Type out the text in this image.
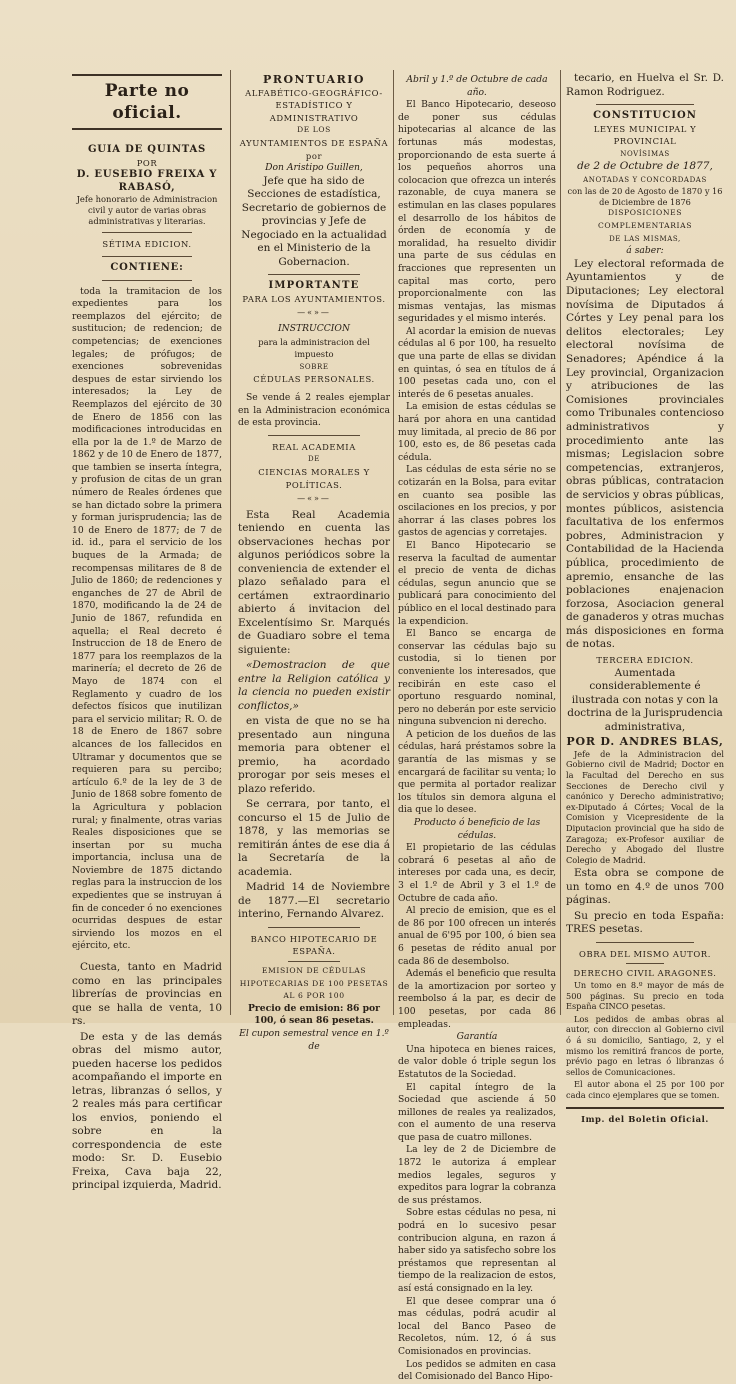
Parte no oficial.
GUIA DE QUINTAS
POR
D. EUSEBIO FREIXA Y RABASÓ,
Jefe honorario de Administracion civil y autor de varias obras administrativas y literarias.
SÉTIMA EDICION.
CONTIENE:

toda la tramitacion de los expedientes para los reemplazos del ejército; de sustitucion; de redencion; de competencias; de exenciones legales; de prófugos; de exenciones sobrevenidas despues de estar sirviendo los interesados; la Ley de Reemplazos del ejército de 30 de Enero de 1856 con las modificaciones introducidas en ella por la de 1.º de Marzo de 1862 y de 10 de Enero de 1877, que tambien se inserta íntegra, y profusion de citas de un gran número de Reales órdenes que se han dictado sobre la primera y forman jurisprudencia; las de 10 de Enero de 1877; de 7 de id. id., para el servicio de los buques de la Armada; de recompensas militares de 8 de Julio de 1860; de redenciones y enganches de 27 de Abril de 1870, modificando la de 24 de Junio de 1867, refundida en aquella; el Real decreto é Instruccion de 18 de Enero de 1877 para los reemplazos de la marinería; el decreto de 26 de Mayo de 1874 con el Reglamento y cuadro de los defectos físicos que inutilizan para el servicio militar; R. O. de 18 de Enero de 1867 sobre alcances de los fallecidos en Ultramar y documentos que se requieren para su percibo; artículo 6.º de la ley de 3 de Junio de 1868 sobre fomento de la Agricultura y poblacion rural; y finalmente, otras varias Reales disposiciones que se insertan por su mucha importancia, inclusa una de Noviembre de 1875 dictando reglas para la instruccion de los expedientes que se instruyan á fin de conceder ó no exenciones ocurridas despues de estar sirviendo los mozos en el ejército, etc.

Cuesta, tanto en Madrid como en las principales librerías de provincias en que se halla de venta, 10 rs.

De esta y de las demás obras del mismo autor, pueden hacerse los pedidos acompañando el importe en letras, libranzas ó sellos, y 2 reales más para certificar los envios, poniendo el sobre en la correspondencia de este modo: Sr. D. Eusebio Freixa, Cava baja 22, principal izquierda, Madrid.

PRONTUARIO
ALFABÉTICO-GEOGRÁFICO-ESTADÍSTICO Y ADMINISTRATIVO
DE LOS
AYUNTAMIENTOS DE ESPAÑA
por
Don Aristipo Guillen,

Jefe que ha sido de Secciones de estadística, Secretario de gobiernos de provincias y Jefe de Negociado en la actualidad en el Ministerio de la Gobernacion.

IMPORTANTE
PARA LOS AYUNTAMIENTOS.
—«»—
INSTRUCCION
para la administracion del impuesto
SOBRE
CÉDULAS PERSONALES.

Se vende á 2 reales ejemplar en la Administracion económica de esta provincia.

REAL ACADEMIA
DE
CIENCIAS MORALES Y POLÍTICAS.
—«»—

Esta Real Academia teniendo en cuenta las observaciones hechas por algunos periódicos sobre la conveniencia de extender el plazo señalado para el certámen extraordinario abierto á invitacion del Excelentísimo Sr. Marqués de Guadiaro sobre el tema siguiente:

«Demostracion de que entre la Religion católica y la ciencia no pueden existir conflictos,»

en vista de que no se ha presentado aun ninguna memoria para obtener el premio, ha acordado prorogar por seis meses el plazo referido.

Se cerrara, por tanto, el concurso el 15 de Julio de 1878, y las memorias se remitirán ántes de ese dia á la Secretaría de la academia.

Madrid 14 de Noviembre de 1877.—El secretario interino, Fernando Alvarez.

BANCO HIPOTECARIO DE ESPAÑA.
EMISION DE CÉDULAS HIPOTECARIAS DE 100 PESETAS AL 6 POR 100
Precio de emision: 86 por 100, ó sean 86 pesetas.
El cupon semestral vence en 1.º de
Abril y 1.º de Octubre de cada año.

El Banco Hipotecario, deseoso de poner sus cédulas hipotecarias al alcance de las fortunas más modestas, proporcionando de esta suerte á los pequeños ahorros una colocacion que ofrezca un interés razonable, de cuya manera se estimulan en las clases populares el desarrollo de los hábitos de órden de economía y de moralidad, ha resuelto dividir una parte de sus cédulas en fracciones que representen un capital mas corto, pero proporcionalmente con las mismas ventajas, las mismas seguridades y el mismo interés.

Al acordar la emision de nuevas cédulas al 6 por 100, ha resuelto que una parte de ellas se dividan en quintas, ó sea en títulos de á 100 pesetas cada uno, con el interés de 6 pesetas anuales.

La emision de estas cédulas se hará por ahora en una cantidad muy limitada, al precio de 86 por 100, esto es, de 86 pesetas cada cédula.

Las cédulas de esta série no se cotizarán en la Bolsa, para evitar en cuanto sea posible las oscilaciones en los precios, y por ahorrar á las clases pobres los gastos de agencias y corretajes.

El Banco Hipotecario se reserva la facultad de aumentar el precio de venta de dichas cédulas, segun anuncio que se publicará para conocimiento del público en el local destinado para la expendicion.

El Banco se encarga de conservar las cédulas bajo su custodia, si lo tienen por conveniente los interesados, que recibirán en este caso el oportuno resguardo nominal, pero no deberán por este servicio ninguna subvencion ni derecho.

A peticion de los dueños de las cédulas, hará préstamos sobre la garantía de las mismas y se encargará de facilitar su venta; lo que permita al portador realizar los títulos sin demora alguna el dia que lo desee.

Producto ó beneficio de las cédulas.

El propietario de las cédulas cobrará 6 pesetas al año de intereses por cada una, es decir, 3 el 1.º de Abril y 3 el 1.º de Octubre de cada año.

Al precio de emision, que es el de 86 por 100 ofrecen un interés anual de 6'95 por 100, ó bien sea 6 pesetas de rédito anual por cada 86 de desembolso.

Además el beneficio que resulta de la amortizacion por sorteo y reembolso á la par, es decir de 100 pesetas, por cada 86 empleadas.

Garantía

Una hipoteca en bienes raices, de valor doble ó triple segun los Estatutos de la Sociedad.

El capital íntegro de la Sociedad que asciende á 50 millones de reales ya realizados, con el aumento de una reserva que pasa de cuatro millones.

La ley de 2 de Diciembre de 1872 le autoriza á emplear medios legales, seguros y expeditos para lograr la cobranza de sus préstamos.

Sobre estas cédulas no pesa, ni podrá en lo sucesivo pesar contribucion alguna, en razon á haber sido ya satisfecho sobre los préstamos que representan al tiempo de la realizacion de estos, así está consignado en la ley.

El que desee comprar una ó mas cédulas, podrá acudir al local del Banco Paseo de Recoletos, núm. 12, ó á sus Comisionados en provincias.

Los pedidos se admiten en casa del Comisionado del Banco Hipo-

tecario, en Huelva el Sr. D. Ramon Rodriguez.

CONSTITUCION
LEYES MUNICIPAL Y PROVINCIAL
NOVÍSIMAS
de 2 de Octubre de 1877,
ANOTADAS Y CONCORDADAS
con las de 20 de Agosto de 1870 y 16 de Diciembre de 1876
DISPOSICIONES COMPLEMENTARIAS
DE LAS MISMAS,
á saber:

Ley electoral reformada de Ayuntamientos y de Diputaciones; Ley electoral novísima de Diputados á Córtes y Ley penal para los delitos electorales; Ley electoral novísima de Senadores; Apéndice á la Ley provincial, Organizacion y atribuciones de las Comisiones provinciales como Tribunales contencioso administrativos y procedimiento ante las mismas; Legislacion sobre competencias, extranjeros, obras públicas, contratacion de servicios y obras públicas, montes públicos, asistencia facultativa de los enfermos pobres, Administracion y Contabilidad de la Hacienda pública, procedimiento de apremio, ensanche de las poblaciones enajenacion forzosa, Asociacion general de ganaderos y otras muchas más disposiciones en forma de notas.

TERCERA EDICION.

Aumentada considerablemente é ilustrada con notas y con la doctrina de la Jurisprudencia administrativa,

POR D. ANDRES BLAS,

Jefe de la Administracion del Gobierno civil de Madrid; Doctor en la Facultad del Derecho en sus Secciones de Derecho civil y canónico y Derecho administrativo; ex-Diputado á Córtes; Vocal de la Comision y Vicepresidente de la Diputacion provincial que ha sido de Zaragoza; ex-Profesor auxiliar de Derecho y Abogado del Ilustre Colegio de Madrid.

Esta obra se compone de un tomo en 4.º de unos 700 páginas.

Su precio en toda España: TRES pesetas.

OBRA DEL MISMO AUTOR.
DERECHO CIVIL ARAGONES.

Un tomo en 8.º mayor de más de 500 páginas. Su precio en toda España CINCO pesetas.

Los pedidos de ambas obras al autor, con direccion al Gobierno civil ó á su domicilio, Santiago, 2, y el mismo los remitirá francos de porte, prévio pago en letras ó libranzas ó sellos de Comunicaciones.

El autor abona el 25 por 100 por cada cinco ejemplares que se tomen.

Imp. del Boletin Oficial.
